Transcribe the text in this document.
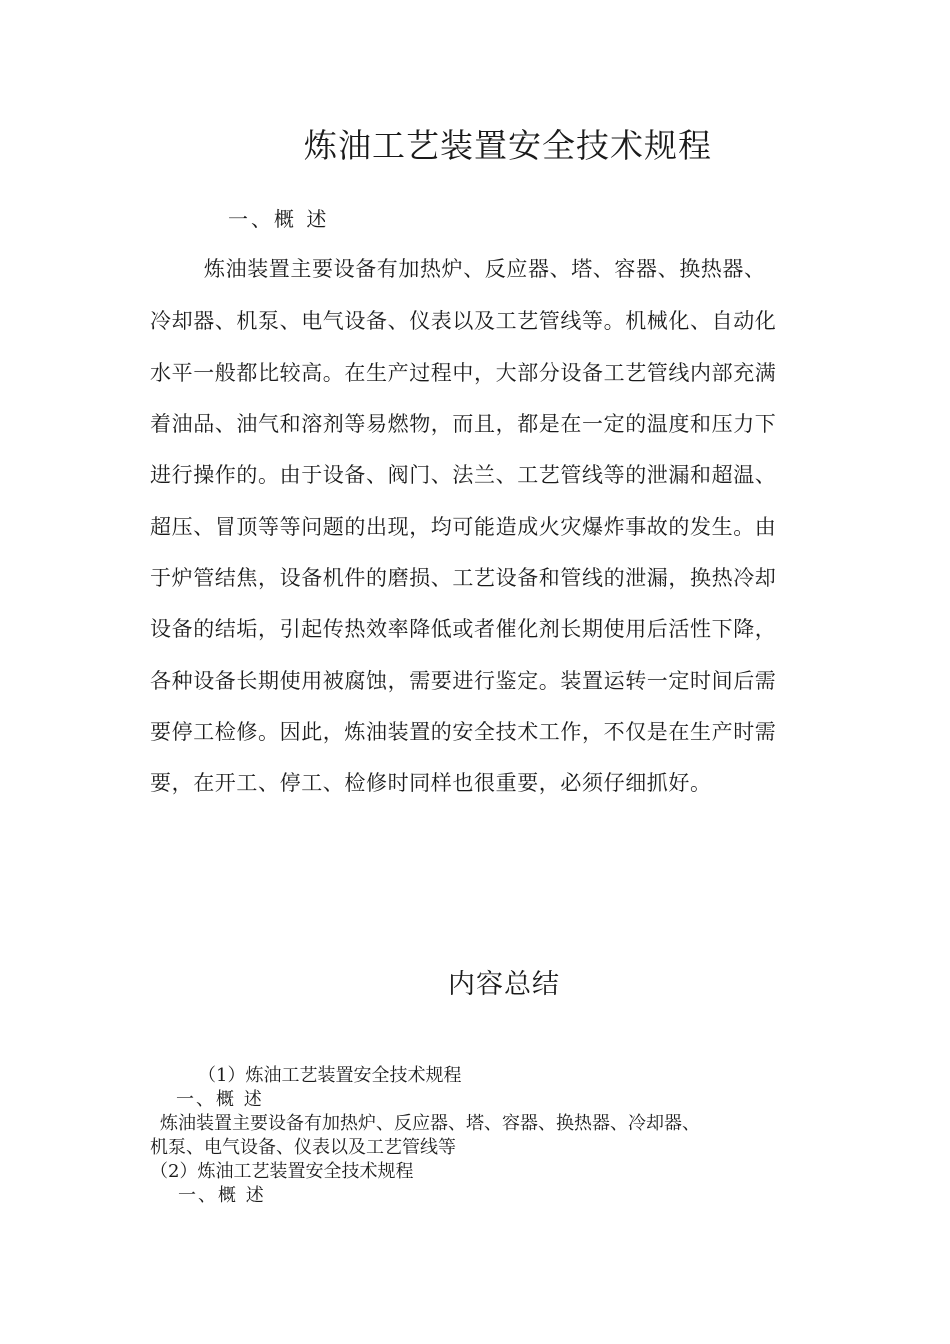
炼油工艺装置安全技术规程
一、概 述
炼油装置主要设备有加热炉、反应器、塔、容器、换热器、
冷却器、机泵、电气设备、仪表以及工艺管线等。机械化、自动化
水平一般都比较高。在生产过程中，大部分设备工艺管线内部充满
着油品、油气和溶剂等易燃物，而且，都是在一定的温度和压力下
进行操作的。由于设备、阀门、法兰、工艺管线等的泄漏和超温、
超压、冒顶等等问题的出现，均可能造成火灾爆炸事故的发生。由
于炉管结焦，设备机件的磨损、工艺设备和管线的泄漏，换热冷却
设备的结垢，引起传热效率降低或者催化剂长期使用后活性下降，
各种设备长期使用被腐蚀，需要进行鉴定。装置运转一定时间后需
要停工检修。因此，炼油装置的安全技术工作，不仅是在生产时需
要，在开工、停工、检修时同样也很重要，必须仔细抓好。
内容总结
（1）炼油工艺装置安全技术规程
一、概 述
炼油装置主要设备有加热炉、反应器、塔、容器、换热器、冷却器、
机泵、电气设备、仪表以及工艺管线等
（2）炼油工艺装置安全技术规程
一、概 述
